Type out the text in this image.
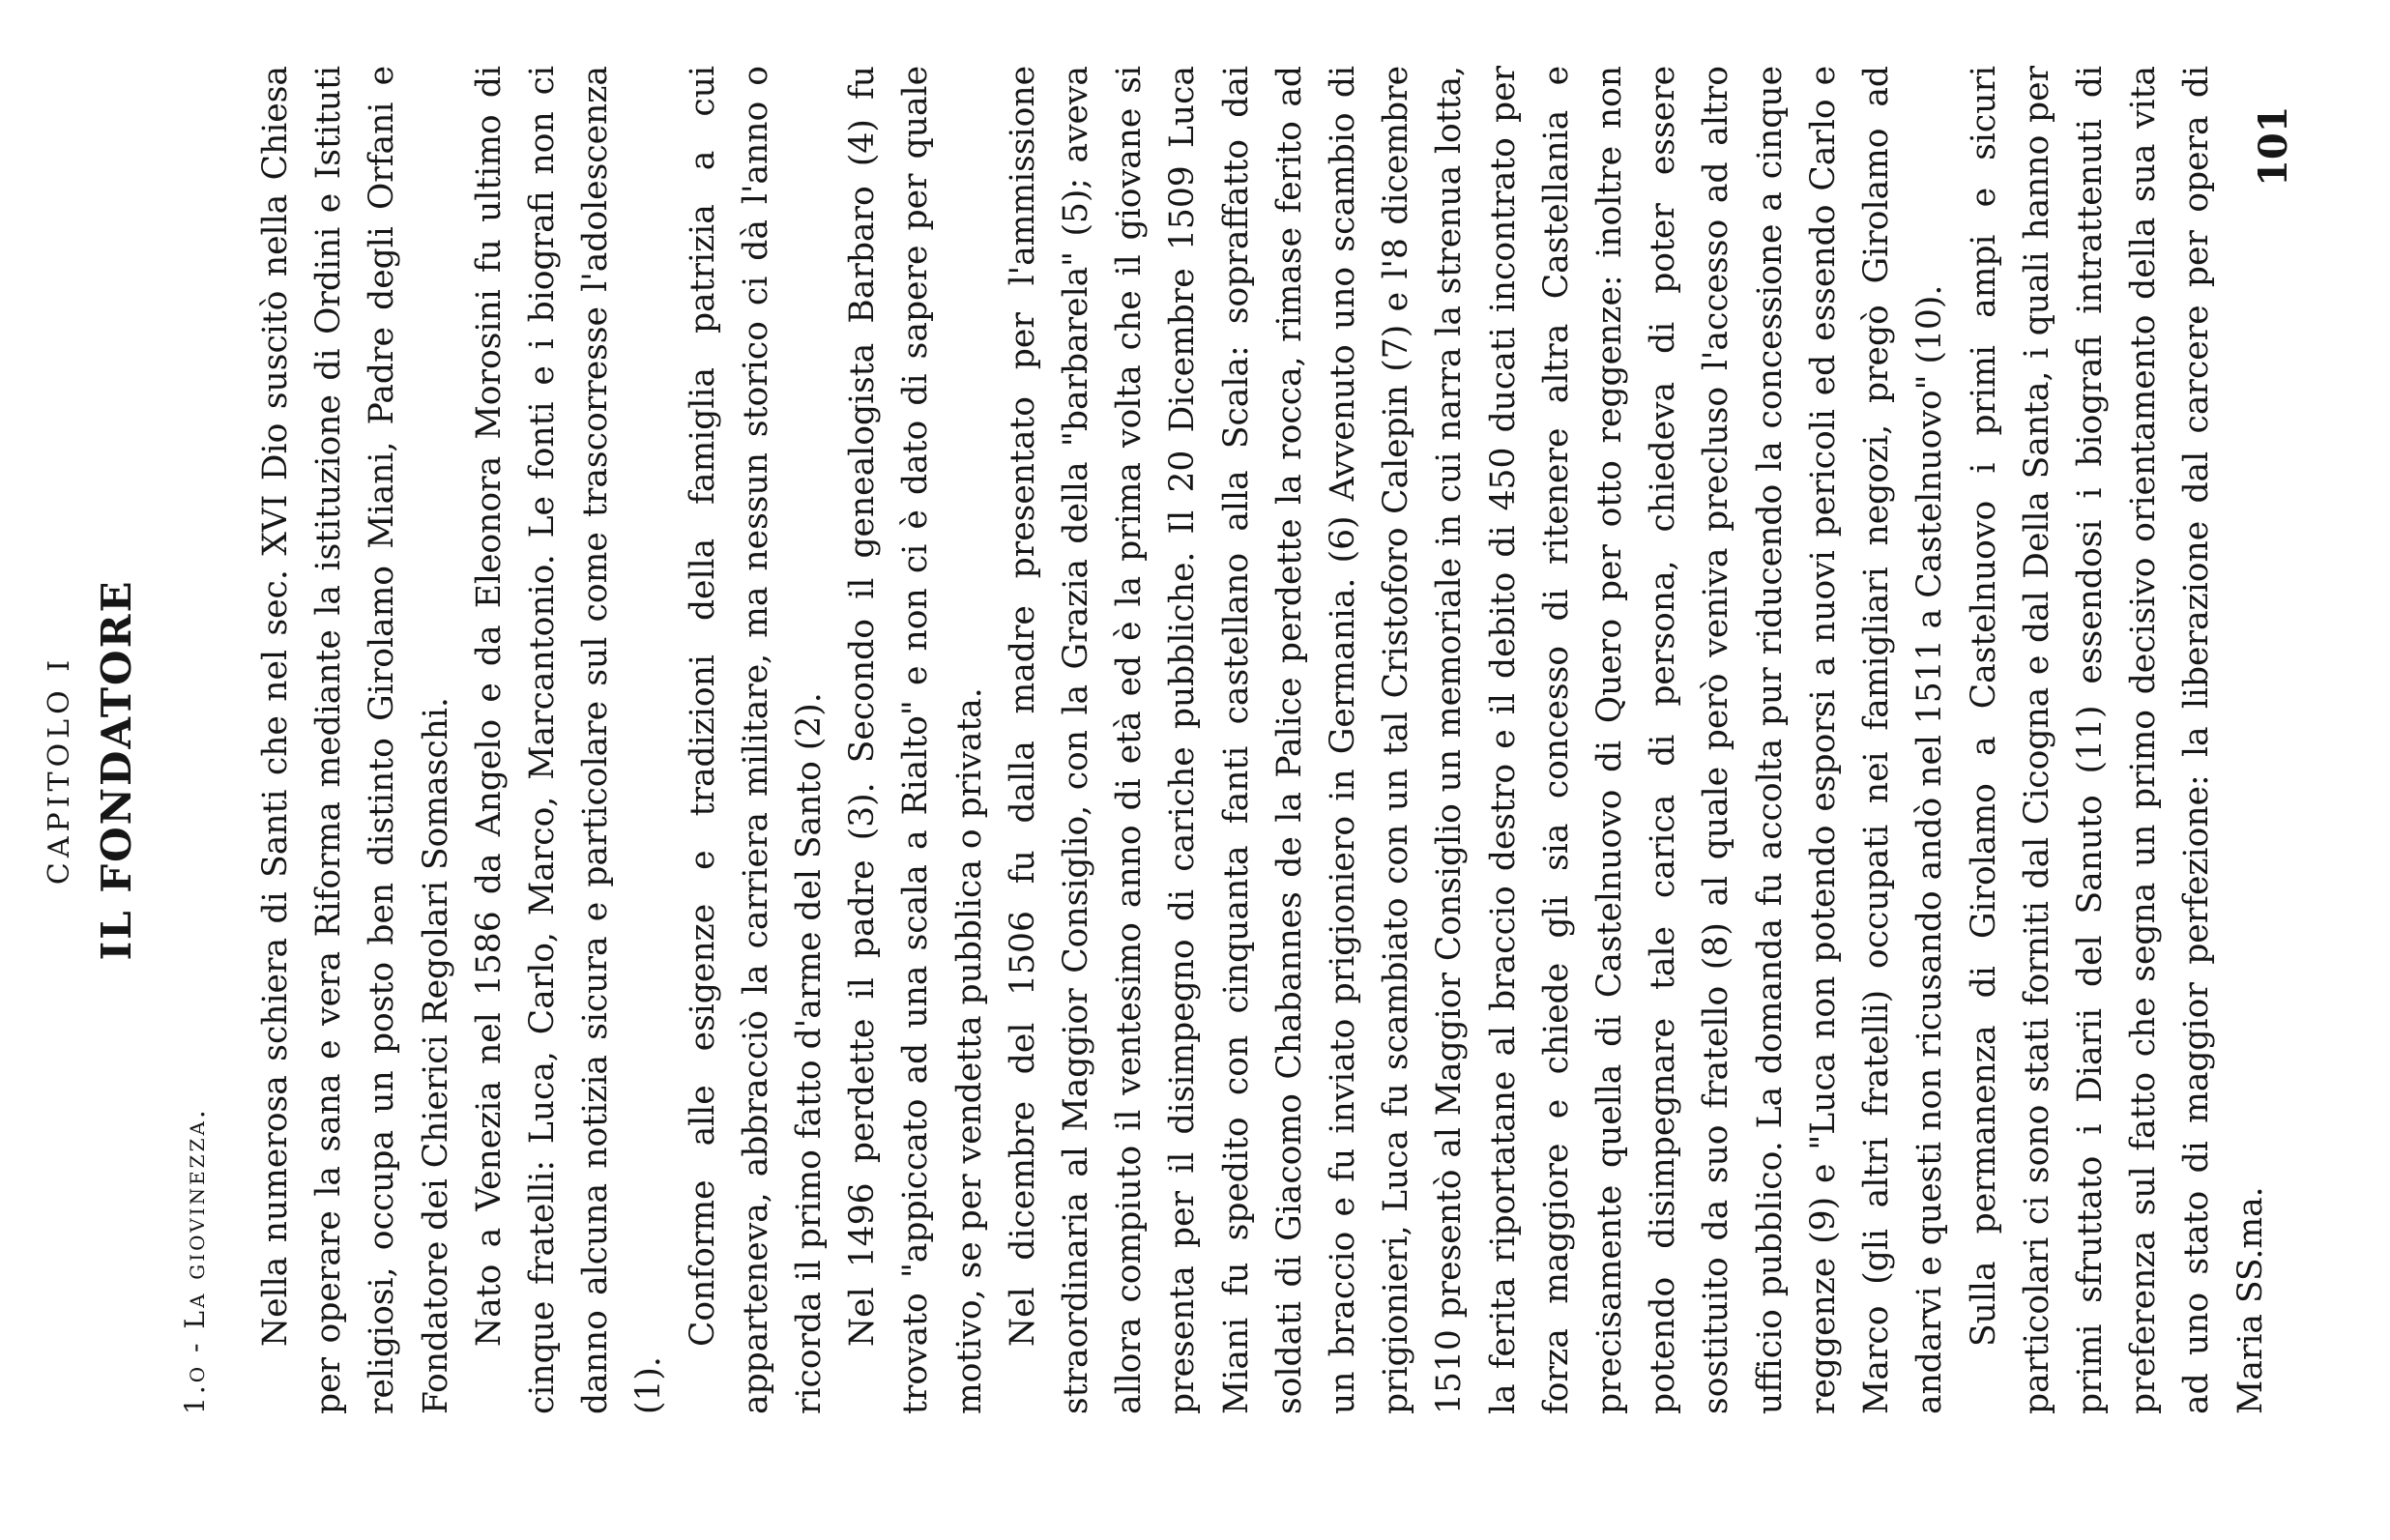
CAPITOLO I IL FONDATORE
1.o - La giovinezza. Nella numerosa schiera di Santi che nel sec. XVI Dio suscitò nella Chiesa per operare la sana e vera Riforma mediante la istituzione di Ordini e Istituti religiosi, occupa un posto ben distinto Girolamo Miani, Padre degli Orfani e Fondatore dei Chierici Regolari Somaschi. Nato a Venezia nel 1586 da Angelo e da Eleonora Morosini fu ultimo di cinque fratelli: Luca, Carlo, Marco, Marcantonio. Le fonti e i biografi non ci danno alcuna notizia sicura e particolare sul come trascorresse l'adolescenza (1).

Conforme alle esigenze e tradizioni della famiglia patrizia a cui apparteneva, abbracciò la carriera militare, ma nessun storico ci dà l'anno o ricorda il primo fatto d'arme del Santo (2). Nel 1496 perdette il padre (3). Secondo il genealogista Barbaro (4) fu trovato "appiccato ad una scala a Rialto" e non ci è dato di sapere per quale motivo, se per vendetta pubblica o privata. Nel dicembre del 1506 fu dalla madre presentato per l'ammissione straordinaria al Maggior Consiglio, con la Grazia della "barbarela" (5); aveva allora compiuto il ventesimo anno di età ed è la prima volta che il giovane si presenta per il disimpegno di cariche pubbliche. Il 20 Dicembre 1509 Luca Miani fu spedito con cinquanta fanti castellano alla Scala: sopraffatto dai soldati di Giacomo Chabannes de la Palice perdette la rocca, rimase ferito ad un braccio e fu inviato prigioniero in Germania. (6) Avvenuto uno scambio di prigionieri, Luca fu scambiato con un tal Cristoforo Calepin (7) e l'8 dicembre 1510 presentò al Maggior Consiglio un memoriale in cui narra la strenua lotta, la ferita riportatane al braccio destro e il debito di 450 ducati incontrato per forza maggiore e chiede gli sia concesso di ritenere altra Castellania e precisamente quella di Castelnuovo di Quero per otto reggenze: inoltre non potendo disimpegnare tale carica di persona, chiedeva di poter essere sostituito da suo fratello (8) al quale però veniva precluso l'accesso ad altro ufficio pubblico. La domanda fu accolta pur riducendo la concessione a cinque reggenze (9) e "Luca non potendo esporsi a nuovi pericoli ed essendo Carlo e Marco (gli altri fratelli) occupati nei famigliari negozi, pregò Girolamo ad andarvi e questi non ricusando andò nel 1511 a Castelnuovo" (10). Sulla permanenza di Girolamo a Castelnuovo i primi ampi e sicuri particolari ci sono stati forniti dal Cicogna e dal Della Santa, i quali hanno per primi sfruttato i Diarii del Sanuto (11) essendosi i biografi intrattenuti di preferenza sul fatto che segna un primo decisivo orientamento della sua vita ad uno stato di maggior perfezione: la liberazione dal carcere per opera di Maria SS.ma.

101
